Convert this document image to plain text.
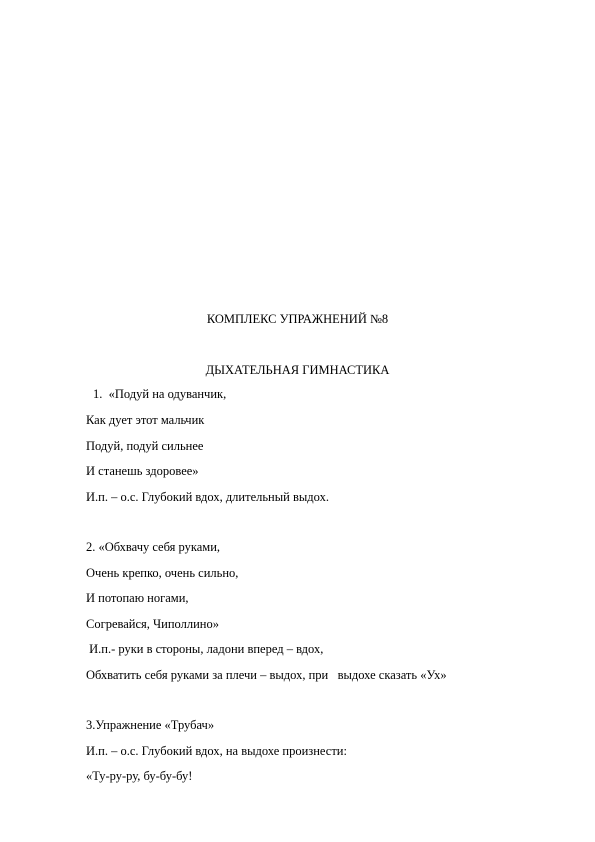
КОМПЛЕКС УПРАЖНЕНИЙ №8
ДЫХАТЕЛЬНАЯ ГИМНАСТИКА
1.  «Подуй на одуванчик,
Как дует этот мальчик
Подуй, подуй сильнее
И станешь здоровее»
И.п. – о.с. Глубокий вдох, длительный выдох.
2. «Обхвачу себя руками,
Очень крепко, очень сильно,
И потопаю ногами,
Согревайся, Чиполлино»
И.п.- руки в стороны, ладони вперед – вдох,
Обхватить себя руками за плечи – выдох, при   выдохе сказать «Ух»
3.Упражнение «Трубач»
И.п. – о.с. Глубокий вдох, на выдохе произнести:
«Ту-ру-ру, бу-бу-бу!
